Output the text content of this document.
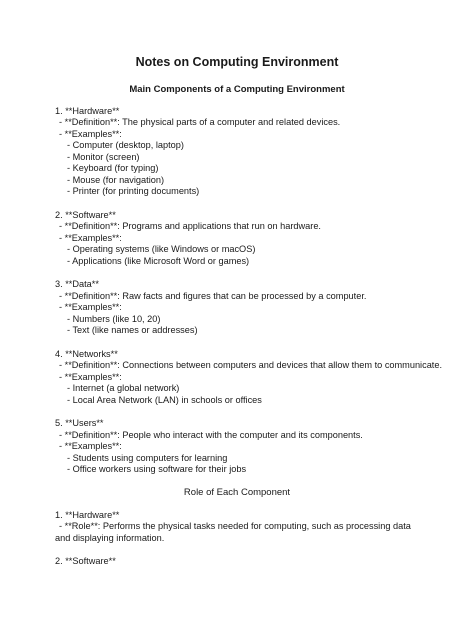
Notes on Computing Environment
Main Components of a Computing Environment
1. **Hardware**
- **Definition**: The physical parts of a computer and related devices.
- **Examples**:
- Computer (desktop, laptop)
- Monitor (screen)
- Keyboard (for typing)
- Mouse (for navigation)
- Printer (for printing documents)
2. **Software**
- **Definition**: Programs and applications that run on hardware.
- **Examples**:
- Operating systems (like Windows or macOS)
- Applications (like Microsoft Word or games)
3. **Data**
- **Definition**: Raw facts and figures that can be processed by a computer.
- **Examples**:
- Numbers (like 10, 20)
- Text (like names or addresses)
4. **Networks**
- **Definition**: Connections between computers and devices that allow them to communicate.
- **Examples**:
- Internet (a global network)
- Local Area Network (LAN) in schools or offices
5. **Users**
- **Definition**: People who interact with the computer and its components.
- **Examples**:
- Students using computers for learning
- Office workers using software for their jobs
Role of Each Component
1. **Hardware**
- **Role**: Performs the physical tasks needed for computing, such as processing data and displaying information.
2. **Software**
